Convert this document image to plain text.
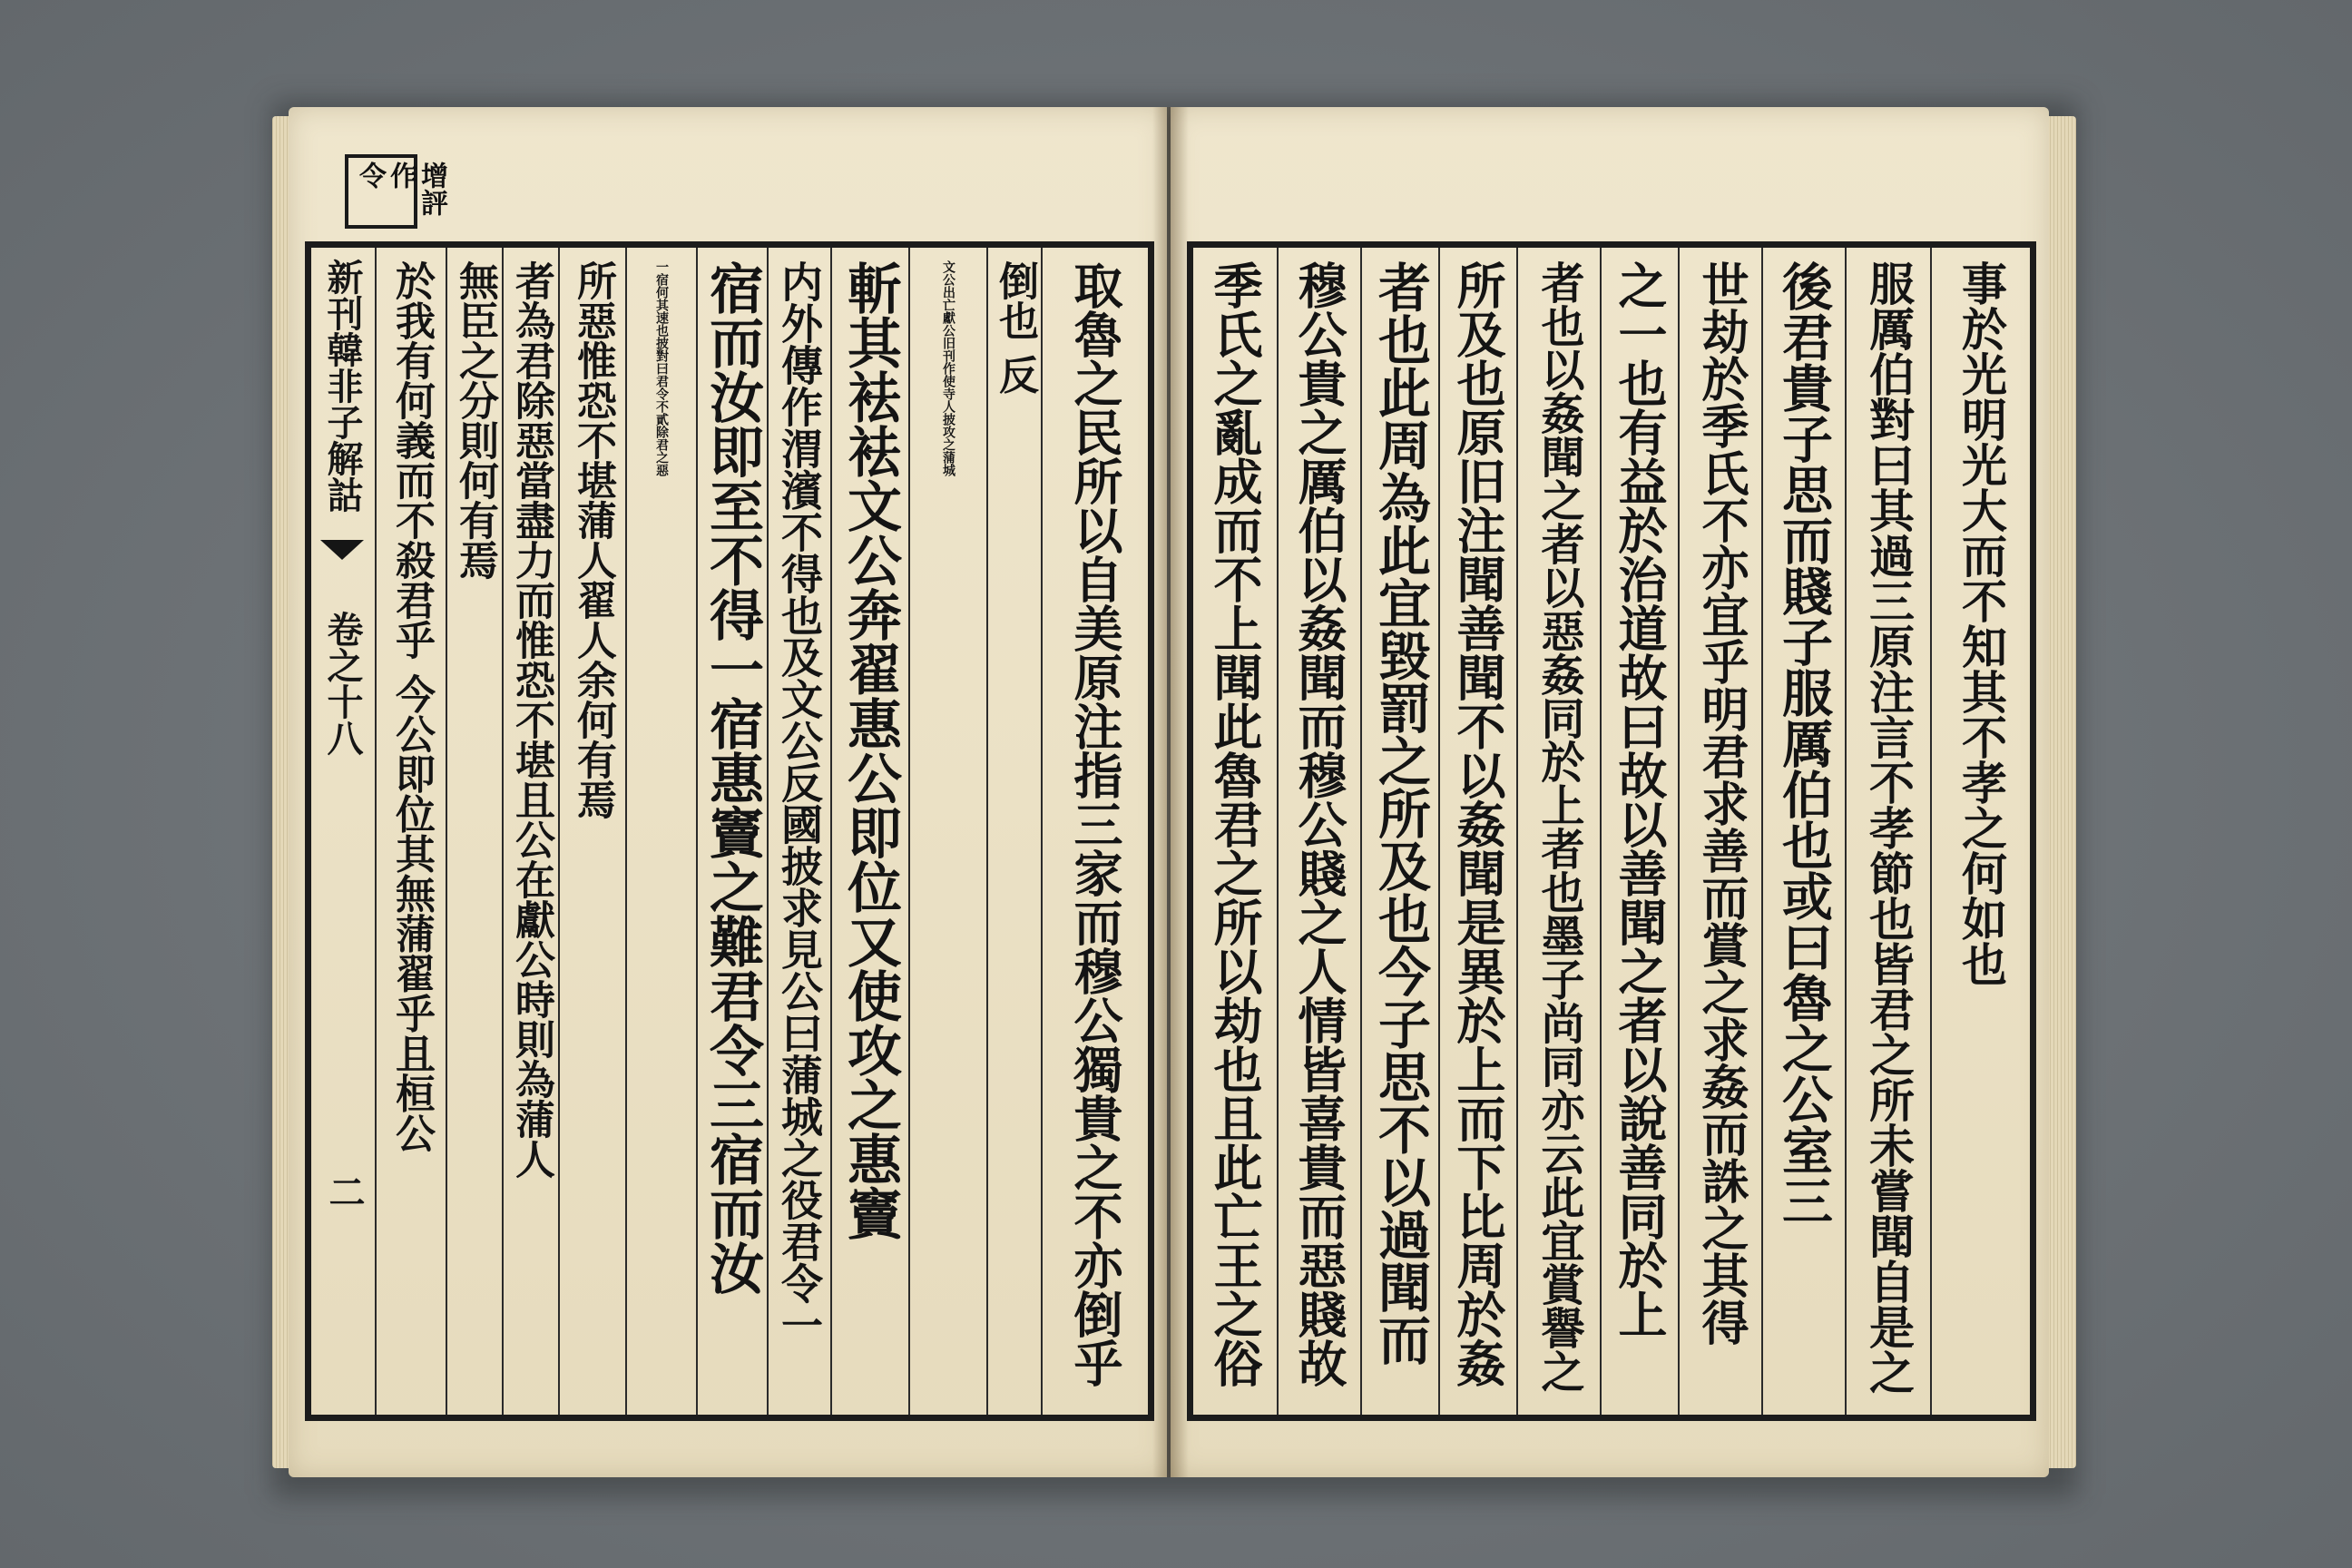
增評 作 令
新刊韓非子解詁
卷之十八
二
於我有何義而不殺君乎 今公即位其無蒲翟乎且桓公 無臣之分則何有焉 者為君除惡當盡力而惟恐不堪且公在獻公時則為蒲人 所惡惟恐不堪蒲人翟人余何有焉	一宿何其速也披對曰君令不貳除君之惡 宿而汝即至不得一宿惠竇之難君令三宿而汝 内外傳作渭濱不得也及文公反國披求見公曰蒲城之役君令一 斬其袪袪文公奔翟惠公即位又使攻之惠竇	文公出亡獻公旧刊作使寺人披攻之蒲城 倒也 反 取魯之民所以自美原注指三家而穆公獨貴之不亦倒乎 季氏之亂成而不上聞此魯君之所以劫也且此亡王之俗 穆公貴之厲伯以姦聞而穆公賤之人情皆喜貴而惡賤故 者也此周為此宜毀罰之所及也今子思不以過聞而 所及也原旧注聞善聞不以姦聞是異於上而下比周於姦 者也以姦聞之者以惡姦同於上者也墨子尚同亦云此宜賞譽之 之一也有益於治道故曰故以善聞之者以說善同於上 世劫於季氏不亦宜乎明君求善而賞之求姦而誅之其得 後君貴子思而賤子服厲伯也或曰魯之公室三 服厲伯對曰其過三原注言不孝節也皆君之所未嘗聞自是之 事於光明光大而不知其不孝之何如也
